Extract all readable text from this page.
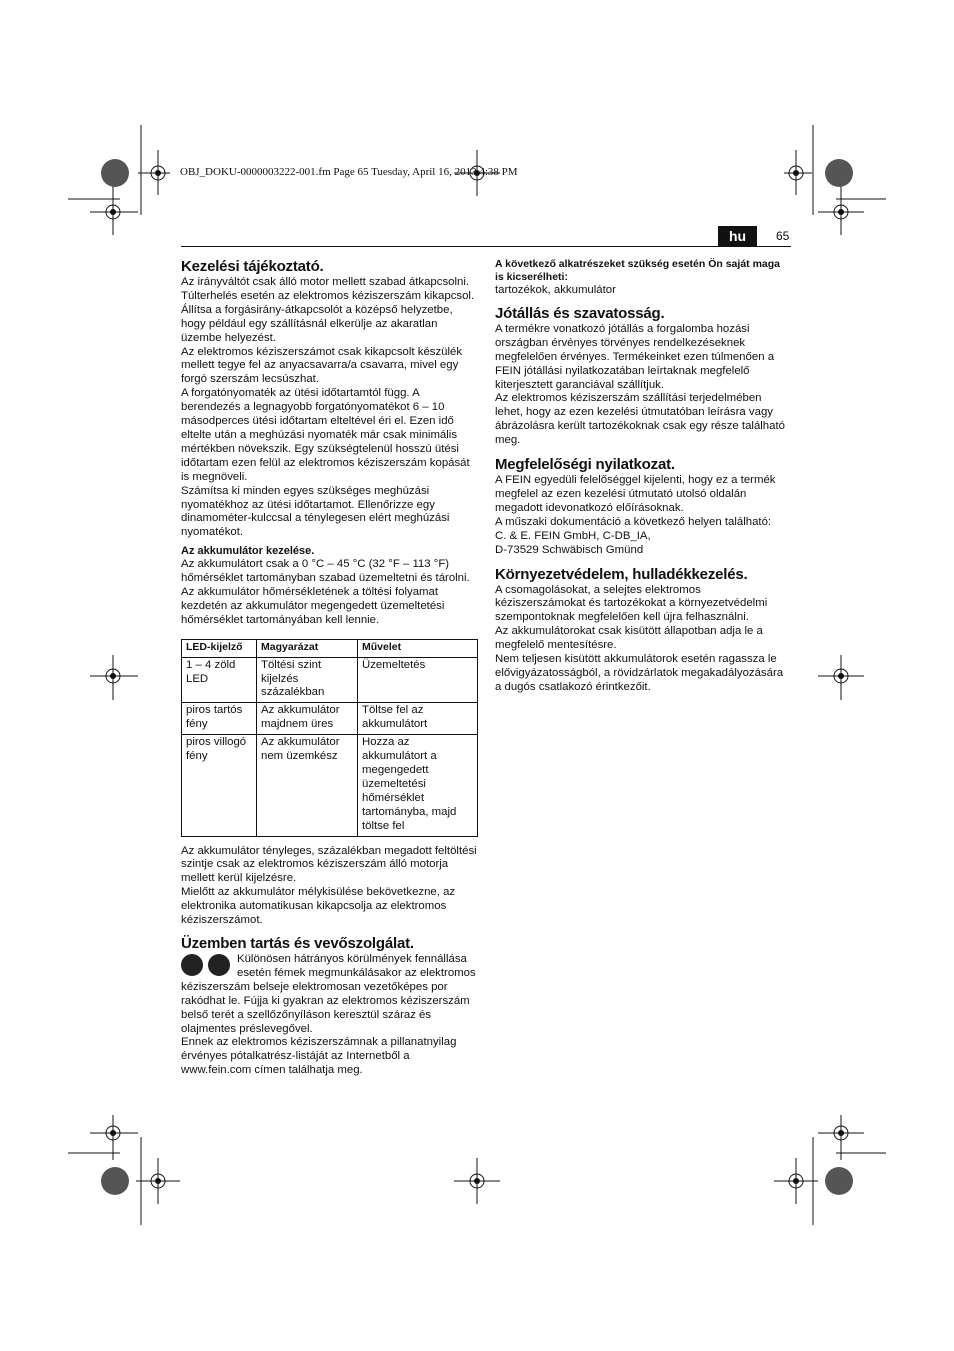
OBJ_DOKU-0000003222-001.fm Page 65 Tuesday, April 16, 2013 4:38 PM
hu	65
Kezelési tájékoztató.

Az irányváltót csak álló motor mellett szabad átkapcsolni.

Túlterhelés esetén az elektromos kéziszerszám kikapcsol.

Állítsa a forgásirány-átkapcsolót a középső helyzetbe, hogy például egy szállításnál elkerülje az akaratlan üzembe helyezést.

Az elektromos kéziszerszámot csak kikapcsolt készülék mellett tegye fel az anyacsavarra/a csavarra, mivel egy forgó szerszám lecsúszhat.

A forgatónyomaték az ütési időtartamtól függ. A berendezés a legnagyobb forgatónyomatékot 6 – 10 másodperces ütési időtartam elteltével éri el. Ezen idő eltelte után a meghúzási nyomaték már csak minimális mértékben növekszik. Egy szükségtelenül hosszú ütési időtartam ezen felül az elektromos kéziszerszám kopását is megnöveli.

Számítsa ki minden egyes szükséges meghúzási nyomatékhoz az ütési időtartamot. Ellenőrizze egy dinamométer-kulccsal a ténylegesen elért meghúzási nyomatékot.

Az akkumulátor kezelése.

Az akkumulátort csak a 0 °C – 45 °C (32 °F – 113 °F) hőmérséklet tartományban szabad üzemeltetni és tárolni.

Az akkumulátor hőmérsékletének a töltési folyamat kezdetén az akkumulátor megengedett üzemeltetési hőmérséklet tartományában kell lennie.

LED-kijelző	Magyarázat	Művelet
1 – 4 zöld LED	Töltési szint kijelzés százalékban	Üzemeltetés
piros tartós fény	Az akkumulátor majdnem üres	Töltse fel az akkumulátort
piros villogó fény	Az akkumulátor nem üzemkész	Hozza az akkumulátort a megengedett üzemeltetési hőmérséklet tartományba, majd töltse fel

Az akkumulátor tényleges, százalékban megadott feltöltési szintje csak az elektromos kéziszerszám álló motorja mellett kerül kijelzésre.

Mielőtt az akkumulátor mélykisülése bekövetkezne, az elektronika automatikusan kikapcsolja az elektromos kéziszerszámot.

Üzemben tartás és vevőszolgálat.

Különösen hátrányos körülmények fennállása esetén fémek megmunkálásakor az elektromos kéziszerszám belseje elektromosan vezetőképes por rakódhat le. Fújja ki gyakran az elektromos kéziszerszám belső terét a szellőzőnyíláson keresztül száraz és olajmentes préslevegővel.

Ennek az elektromos kéziszerszámnak a pillanatnyilag érvényes pótalkatrész-listáját az Internetből a www.fein.com címen találhatja meg.

A következő alkatrészeket szükség esetén Ön saját maga is kicserélheti:

tartozékok, akkumulátor

Jótállás és szavatosság.

A termékre vonatkozó jótállás a forgalomba hozási országban érvényes törvényes rendelkezéseknek megfelelően érvényes. Termékeinket ezen túlmenően a FEIN jótállási nyilatkozatában leírtaknak megfelelő kiterjesztett garanciával szállítjuk.

Az elektromos kéziszerszám szállítási terjedelmében lehet, hogy az ezen kezelési útmutatóban leírásra vagy ábrázolásra került tartozékoknak csak egy része található meg.

Megfelelőségi nyilatkozat.

A FEIN egyedüli felelőséggel kijelenti, hogy ez a termék megfelel az ezen kezelési útmutató utolsó oldalán megadott idevonatkozó előírásoknak.

A műszaki dokumentáció a következő helyen található:

C. & E. FEIN GmbH, C-DB_IA,

D-73529 Schwäbisch Gmünd

Környezetvédelem, hulladékkezelés.

A csomagolásokat, a selejtes elektromos kéziszerszámokat és tartozékokat a környezetvédelmi szempontoknak megfelelően kell újra felhasználni.

Az akkumulátorokat csak kisütött állapotban adja le a megfelelő mentesítésre.

Nem teljesen kisütött akkumulátorok esetén ragassza le elővigyázatosságból, a rövidzárlatok megakadályozására a dugós csatlakozó érintkezőit.
